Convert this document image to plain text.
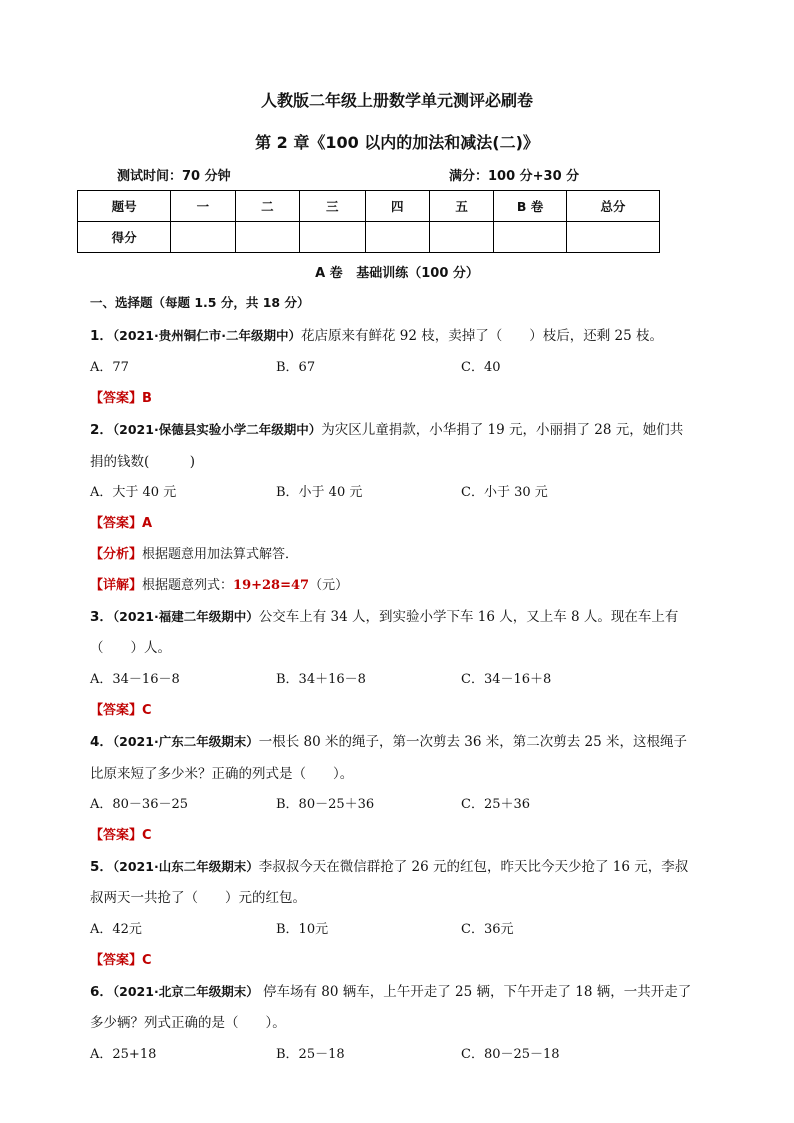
人教版二年级上册数学单元测评必刷卷
第 2 章《100 以内的加法和减法(二)》
测试时间：70 分钟	满分：100 分+30 分
题号	一	二	三	四	五	B 卷	总分
得分							
A 卷   基础训练（100 分）
一、选择题（每题 1.5 分，共 18 分）
1．（2021·贵州铜仁市·二年级期中）花店原来有鲜花 92 枝，卖掉了（　　）枝后，还剩 25 枝。
A．77	B．67	C．40
【答案】B
2．（2021·保德县实验小学二年级期中）为灾区儿童捐款，小华捐了 19 元，小丽捐了 28 元，她们共
捐的钱数(　　　)
A．大于 40 元	B．小于 40 元	C．小于 30 元
【答案】A
【分析】根据题意用加法算式解答．
【详解】根据题意列式：19+28=47（元）
3．（2021·福建二年级期中）公交车上有 34 人，到实验小学下车 16 人，又上车 8 人。现在车上有
（　　）人。
A．34－16－8	B．34＋16－8	C．34－16＋8
【答案】C
4．（2021·广东二年级期末）一根长 80 米的绳子，第一次剪去 36 米，第二次剪去 25 米，这根绳子
比原来短了多少米？正确的列式是（　　）。
A．80－36－25	B．80－25＋36	C．25＋36
【答案】C
5．（2021·山东二年级期末）李叔叔今天在微信群抢了 26 元的红包，昨天比今天少抢了 16 元，李叔
叔两天一共抢了（　　）元的红包。
A．42元	B．10元	C．36元
【答案】C
6．（2021·北京二年级期末） 停车场有 80 辆车，上午开走了 25 辆，下午开走了 18 辆，一共开走了
多少辆？列式正确的是（　　）。
A．25+18	B．25－18	C．80－25－18
